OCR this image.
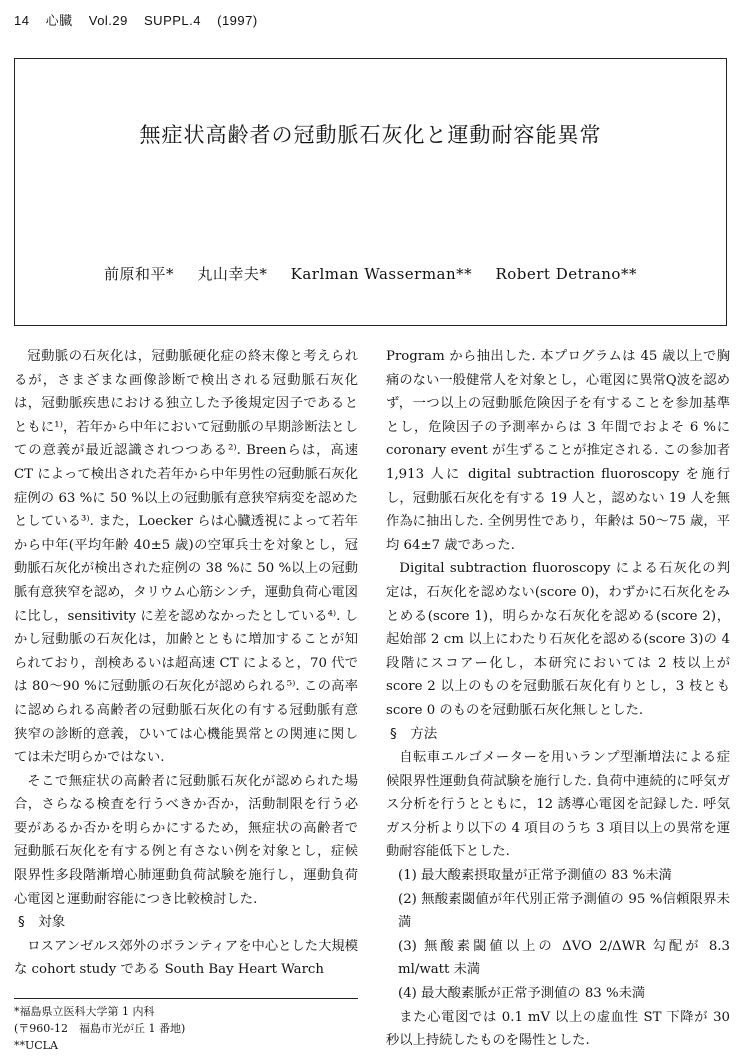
14 心臓 Vol.29 SUPPL.4 (1997)
無症状高齢者の冠動脈石灰化と運動耐容能異常
前原和平* 丸山幸夫* Karlman Wasserman** Robert Detrano**

冠動脈の石灰化は，冠動脈硬化症の終末像と考えられるが，さまざまな画像診断で検出される冠動脈石灰化は，冠動脈疾患における独立した予後規定因子であるとともに¹⁾，若年から中年において冠動脈の早期診断法としての意義が最近認識されつつある²⁾. Breenらは，高速 CT によって検出された若年から中年男性の冠動脈石灰化症例の 63 %に 50 %以上の冠動脈有意狭窄病変を認めたとしている³⁾. また，Loecker らは心臓透視によって若年から中年(平均年齢 40±5 歳)の空軍兵士を対象とし，冠動脈石灰化が検出された症例の 38 %に 50 %以上の冠動脈有意狭窄を認め，タリウム心筋シンチ，運動負荷心電図に比し，sensitivity に差を認めなかったとしている⁴⁾. しかし冠動脈の石灰化は，加齢とともに増加することが知られており，剖検あるいは超高速 CT によると，70 代では 80〜90 %に冠動脈の石灰化が認められる⁵⁾. この高率に認められる高齢者の冠動脈石灰化の有する冠動脈有意狭窄の診断的意義，ひいては心機能異常との関連に関しては未だ明らかではない.

そこで無症状の高齢者に冠動脈石灰化が認められた場合，さらなる検査を行うべきか否か，活動制限を行う必要があるか否かを明らかにするため，無症状の高齢者で冠動脈石灰化を有する例と有さない例を対象とし，症候限界性多段階漸増心肺運動負荷試験を施行し，運動負荷心電図と運動耐容能につき比較検討した.

§　対象

ロスアンゼルス郊外のボランティアを中心とした大規模な cohort study である South Bay Heart Warch

Program から抽出した. 本プログラムは 45 歳以上で胸痛のない一般健常人を対象とし，心電図に異常Q波を認めず，一つ以上の冠動脈危険因子を有することを参加基準とし，危険因子の予測率からは 3 年間でおよそ 6 %に coronary event が生ずることが推定される. この参加者 1,913 人に digital subtraction fluoroscopy を施行し，冠動脈石灰化を有する 19 人と，認めない 19 人を無作為に抽出した. 全例男性であり，年齢は 50〜75 歳，平均 64±7 歳であった.

Digital subtraction fluoroscopy による石灰化の判定は，石灰化を認めない(score 0)，わずかに石灰化をみとめる(score 1)，明らかな石灰化を認める(score 2)，起始部 2 cm 以上にわたり石灰化を認める(score 3)の 4 段階にスコアー化し，本研究においては 2 枝以上が score 2 以上のものを冠動脈石灰化有りとし，3 枝とも score 0 のものを冠動脈石灰化無しとした.

§　方法

自転車エルゴメーターを用いランプ型漸増法による症候限界性運動負荷試験を施行した. 負荷中連続的に呼気ガス分析を行うとともに，12 誘導心電図を記録した. 呼気ガス分析より以下の 4 項目のうち 3 項目以上の異常を運動耐容能低下とした.

(1) 最大酸素摂取量が正常予測値の 83 %未満

(2) 無酸素閾値が年代別正常予測値の 95 %信頼限界未満

(3) 無酸素閾値以上の ΔVO 2/ΔWR 勾配が 8.3 ml/watt 未満

(4) 最大酸素脈が正常予測値の 83 %未満

また心電図では 0.1 mV 以上の虚血性 ST 下降が 30 秒以上持続したものを陽性とした.

*福島県立医科大学第 1 内科
(〒960-12　福島市光が丘 1 番地)
**UCLA
